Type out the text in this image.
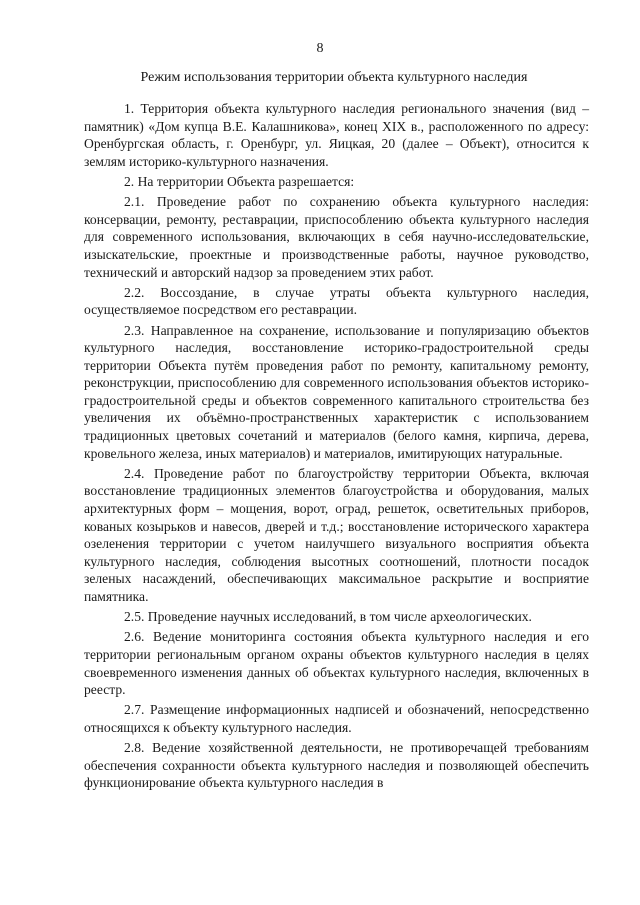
8
Режим использования территории объекта культурного наследия

1. Территория объекта культурного наследия регионального значения (вид – памятник) «Дом купца В.Е. Калашникова», конец XIX в., расположенного по адресу: Оренбургская область, г. Оренбург, ул. Яицкая, 20 (далее – Объект), относится к землям историко-культурного назначения.

2. На территории Объекта разрешается:

2.1. Проведение работ по сохранению объекта культурного наследия: консервации, ремонту, реставрации, приспособлению объекта культурного наследия для современного использования, включающих в себя научно-исследовательские, изыскательские, проектные и производственные работы, научное руководство, технический и авторский надзор за проведением этих работ.

2.2. Воссоздание, в случае утраты объекта культурного наследия, осуществляемое посредством его реставрации.

2.3. Направленное на сохранение, использование и популяризацию объектов культурного наследия, восстановление историко-градостроительной среды территории Объекта путём проведения работ по ремонту, капитальному ремонту, реконструкции, приспособлению для современного использования объектов историко-градостроительной среды и объектов современного капитального строительства без увеличения их объёмно-пространственных характеристик с использованием традиционных цветовых сочетаний и материалов (белого камня, кирпича, дерева, кровельного железа, иных материалов) и материалов, имитирующих натуральные.

2.4. Проведение работ по благоустройству территории Объекта, включая восстановление традиционных элементов благоустройства и оборудования, малых архитектурных форм – мощения, ворот, оград, решеток, осветительных приборов, кованых козырьков и навесов, дверей и т.д.; восстановление исторического характера озеленения территории с учетом наилучшего визуального восприятия объекта культурного наследия, соблюдения высотных соотношений, плотности посадок зеленых насаждений, обеспечивающих максимальное раскрытие и восприятие памятника.

2.5. Проведение научных исследований, в том числе археологических.

2.6. Ведение мониторинга состояния объекта культурного наследия и его территории региональным органом охраны объектов культурного наследия в целях своевременного изменения данных об объектах культурного наследия, включенных в реестр.

2.7. Размещение информационных надписей и обозначений, непосредственно относящихся к объекту культурного наследия.

2.8. Ведение хозяйственной деятельности, не противоречащей требованиям обеспечения сохранности объекта культурного наследия и позволяющей обеспечить функционирование объекта культурного наследия в
